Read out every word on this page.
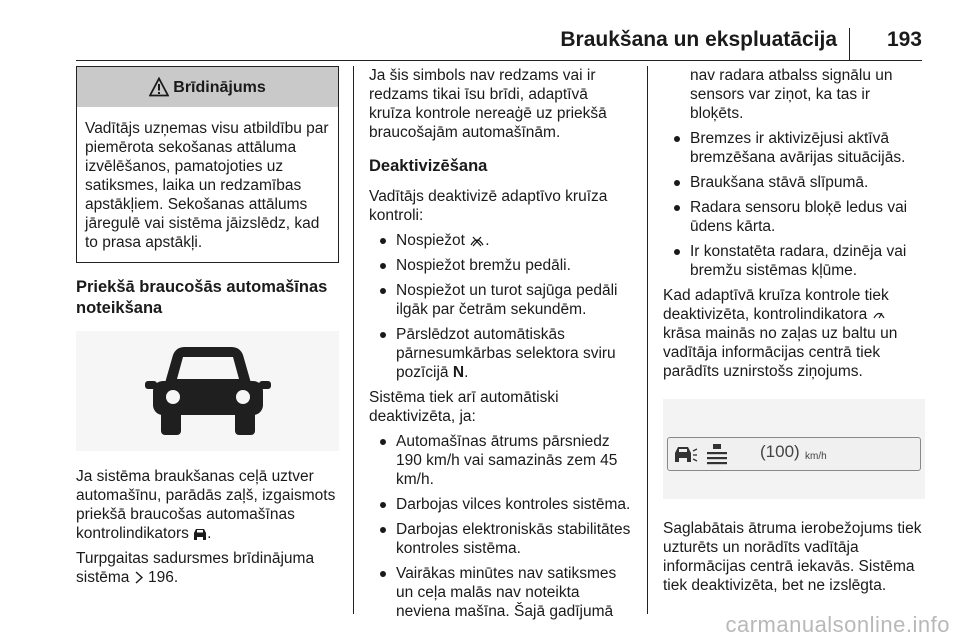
Braukšana un ekspluatācija 193
Brīdinājums
Vadītājs uzņemas visu atbildību par piemērota sekošanas attāluma izvēlēšanos, pamatojoties uz satiksmes, laika un redzamības apstākļiem. Sekošanas attālums jāregulē vai sistēma jāizslēdz, kad to prasa apstākļi.
Priekšā braucošās automašīnas noteikšana

Ja sistēma braukšanas ceļā uztver automašīnu, parādās zaļš, izgaismots priekšā braucošas automašīnas kontrolindikators .

Turpgaitas sadursmes brīdinājuma sistēma 196.

Ja šis simbols nav redzams vai ir redzams tikai īsu brīdi, adaptīvā kruīza kontrole nereaģē uz priekšā braucošajām automašīnām.

Deaktivizēšana

Vadītājs deaktivizē adaptīvo kruīza kontroli:

Nospiežot .
Nospiežot bremžu pedāli.
Nospiežot un turot sajūga pedāli ilgāk par četrām sekundēm.
Pārslēdzot automātiskās pārnesumkārbas selektora sviru pozīcijā N.

Sistēma tiek arī automātiski deaktivizēta, ja:

Automašīnas ātrums pārsniedz 190 km/h vai samazinās zem 45 km/h.
Darbojas vilces kontroles sistēma.
Darbojas elektroniskās stabilitātes kontroles sistēma.
Vairākas minūtes nav satiksmes un ceļa malās nav noteikta neviena mašīna. Šajā gadījumā

nav radara atbalss signālu un sensors var ziņot, ka tas ir bloķēts.

Bremzes ir aktivizējusi aktīvā bremzēšana avārijas situācijās.
Braukšana stāvā slīpumā.
Radara sensoru bloķē ledus vai ūdens kārta.
Ir konstatēta radara, dzinēja vai bremžu sistēmas kļūme.

Kad adaptīvā kruīza kontrole tiek deaktivizēta, kontrolindikatora  krāsa mainās no zaļas uz baltu un vadītāja informācijas centrā tiek parādīts uznirstošs ziņojums.

(100) km/h

Saglabātais ātruma ierobežojums tiek uzturēts un norādīts vadītāja informācijas centrā iekavās. Sistēma tiek deaktivizēta, bet ne izslēgta.

carmanualsonline.info
